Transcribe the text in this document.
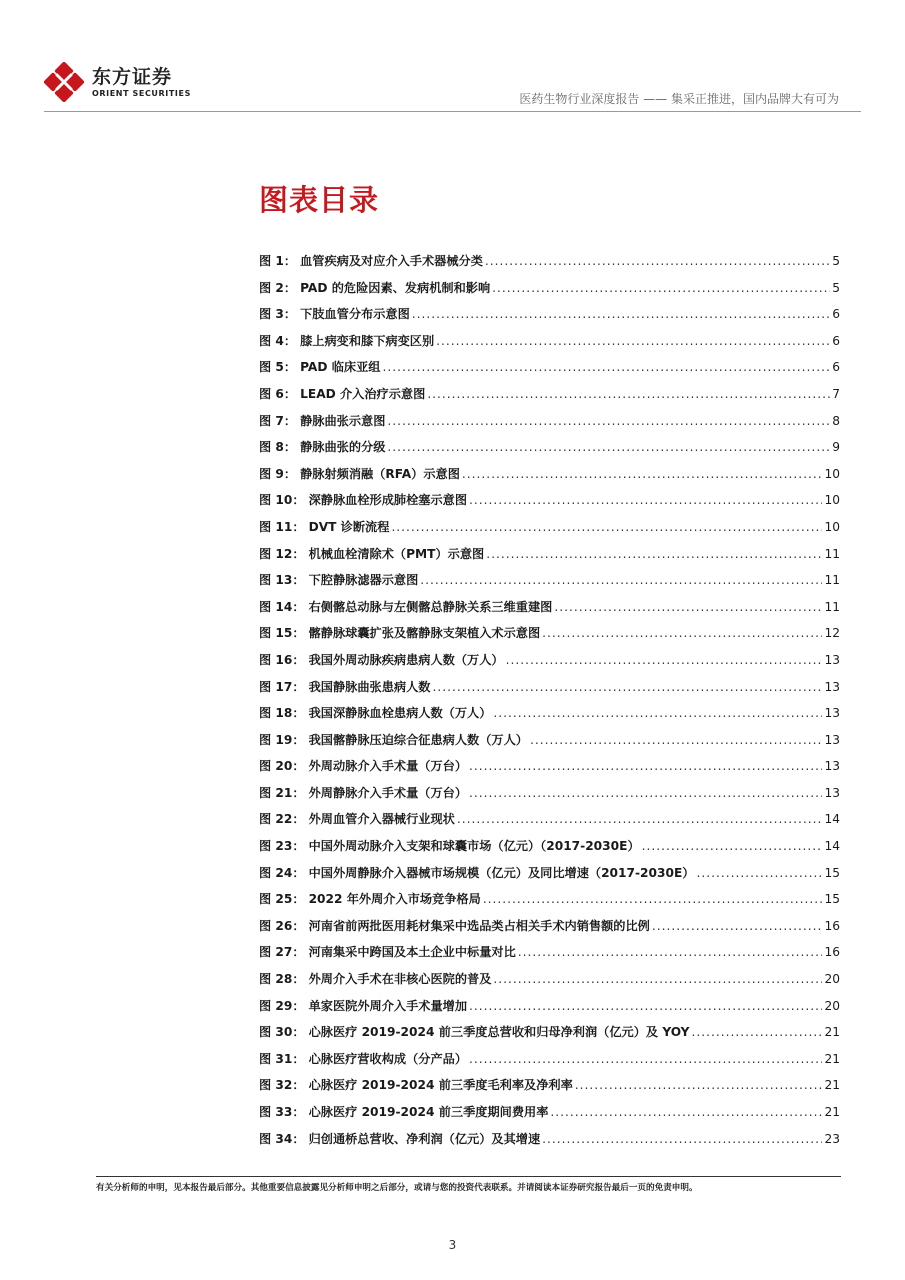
东方证券
ORIENT SECURITIES	医药生物行业深度报告 —— 集采正推进，国内品牌大有可为
图表目录
图 1： 血管疾病及对应介入手术器械分类 .....	5
图 2： PAD 的危险因素、发病机制和影响 .....	5
图 3： 下肢血管分布示意图 .....	6
图 4： 膝上病变和膝下病变区别 .....	6
图 5： PAD 临床亚组 .....	6
图 6： LEAD 介入治疗示意图 .....	7
图 7： 静脉曲张示意图 .....	8
图 8： 静脉曲张的分级 .....	9
图 9： 静脉射频消融（RFA）示意图 .....	10
图 10： 深静脉血栓形成肺栓塞示意图 .....	10
图 11： DVT 诊断流程 .....	10
图 12： 机械血栓清除术（PMT）示意图 .....	11
图 13： 下腔静脉滤器示意图 .....	11
图 14： 右侧髂总动脉与左侧髂总静脉关系三维重建图 .....	11
图 15： 髂静脉球囊扩张及髂静脉支架植入术示意图 .....	12
图 16： 我国外周动脉疾病患病人数（万人） .....	13
图 17： 我国静脉曲张患病人数 .....	13
图 18： 我国深静脉血栓患病人数（万人） .....	13
图 19： 我国髂静脉压迫综合征患病人数（万人） .....	13
图 20： 外周动脉介入手术量（万台） .....	13
图 21： 外周静脉介入手术量（万台） .....	13
图 22： 外周血管介入器械行业现状 .....	14
图 23： 中国外周动脉介入支架和球囊市场（亿元）（2017-2030E） .....	14
图 24： 中国外周静脉介入器械市场规模（亿元）及同比增速（2017-2030E） .....	15
图 25： 2022 年外周介入市场竞争格局 .....	15
图 26： 河南省前两批医用耗材集采中选品类占相关手术内销售额的比例 .....	16
图 27： 河南集采中跨国及本土企业中标量对比 .....	16
图 28： 外周介入手术在非核心医院的普及 .....	20
图 29： 单家医院外周介入手术量增加 .....	20
图 30： 心脉医疗 2019-2024 前三季度总营收和归母净利润（亿元）及 YOY .....	21
图 31： 心脉医疗营收构成（分产品） .....	21
图 32： 心脉医疗 2019-2024 前三季度毛利率及净利率 .....	21
图 33： 心脉医疗 2019-2024 前三季度期间费用率 .....	21
图 34： 归创通桥总营收、净利润（亿元）及其增速 .....	23
有关分析师的申明，见本报告最后部分。其他重要信息披露见分析师申明之后部分，或请与您的投资代表联系。并请阅读本证券研究报告最后一页的免责申明。
3
